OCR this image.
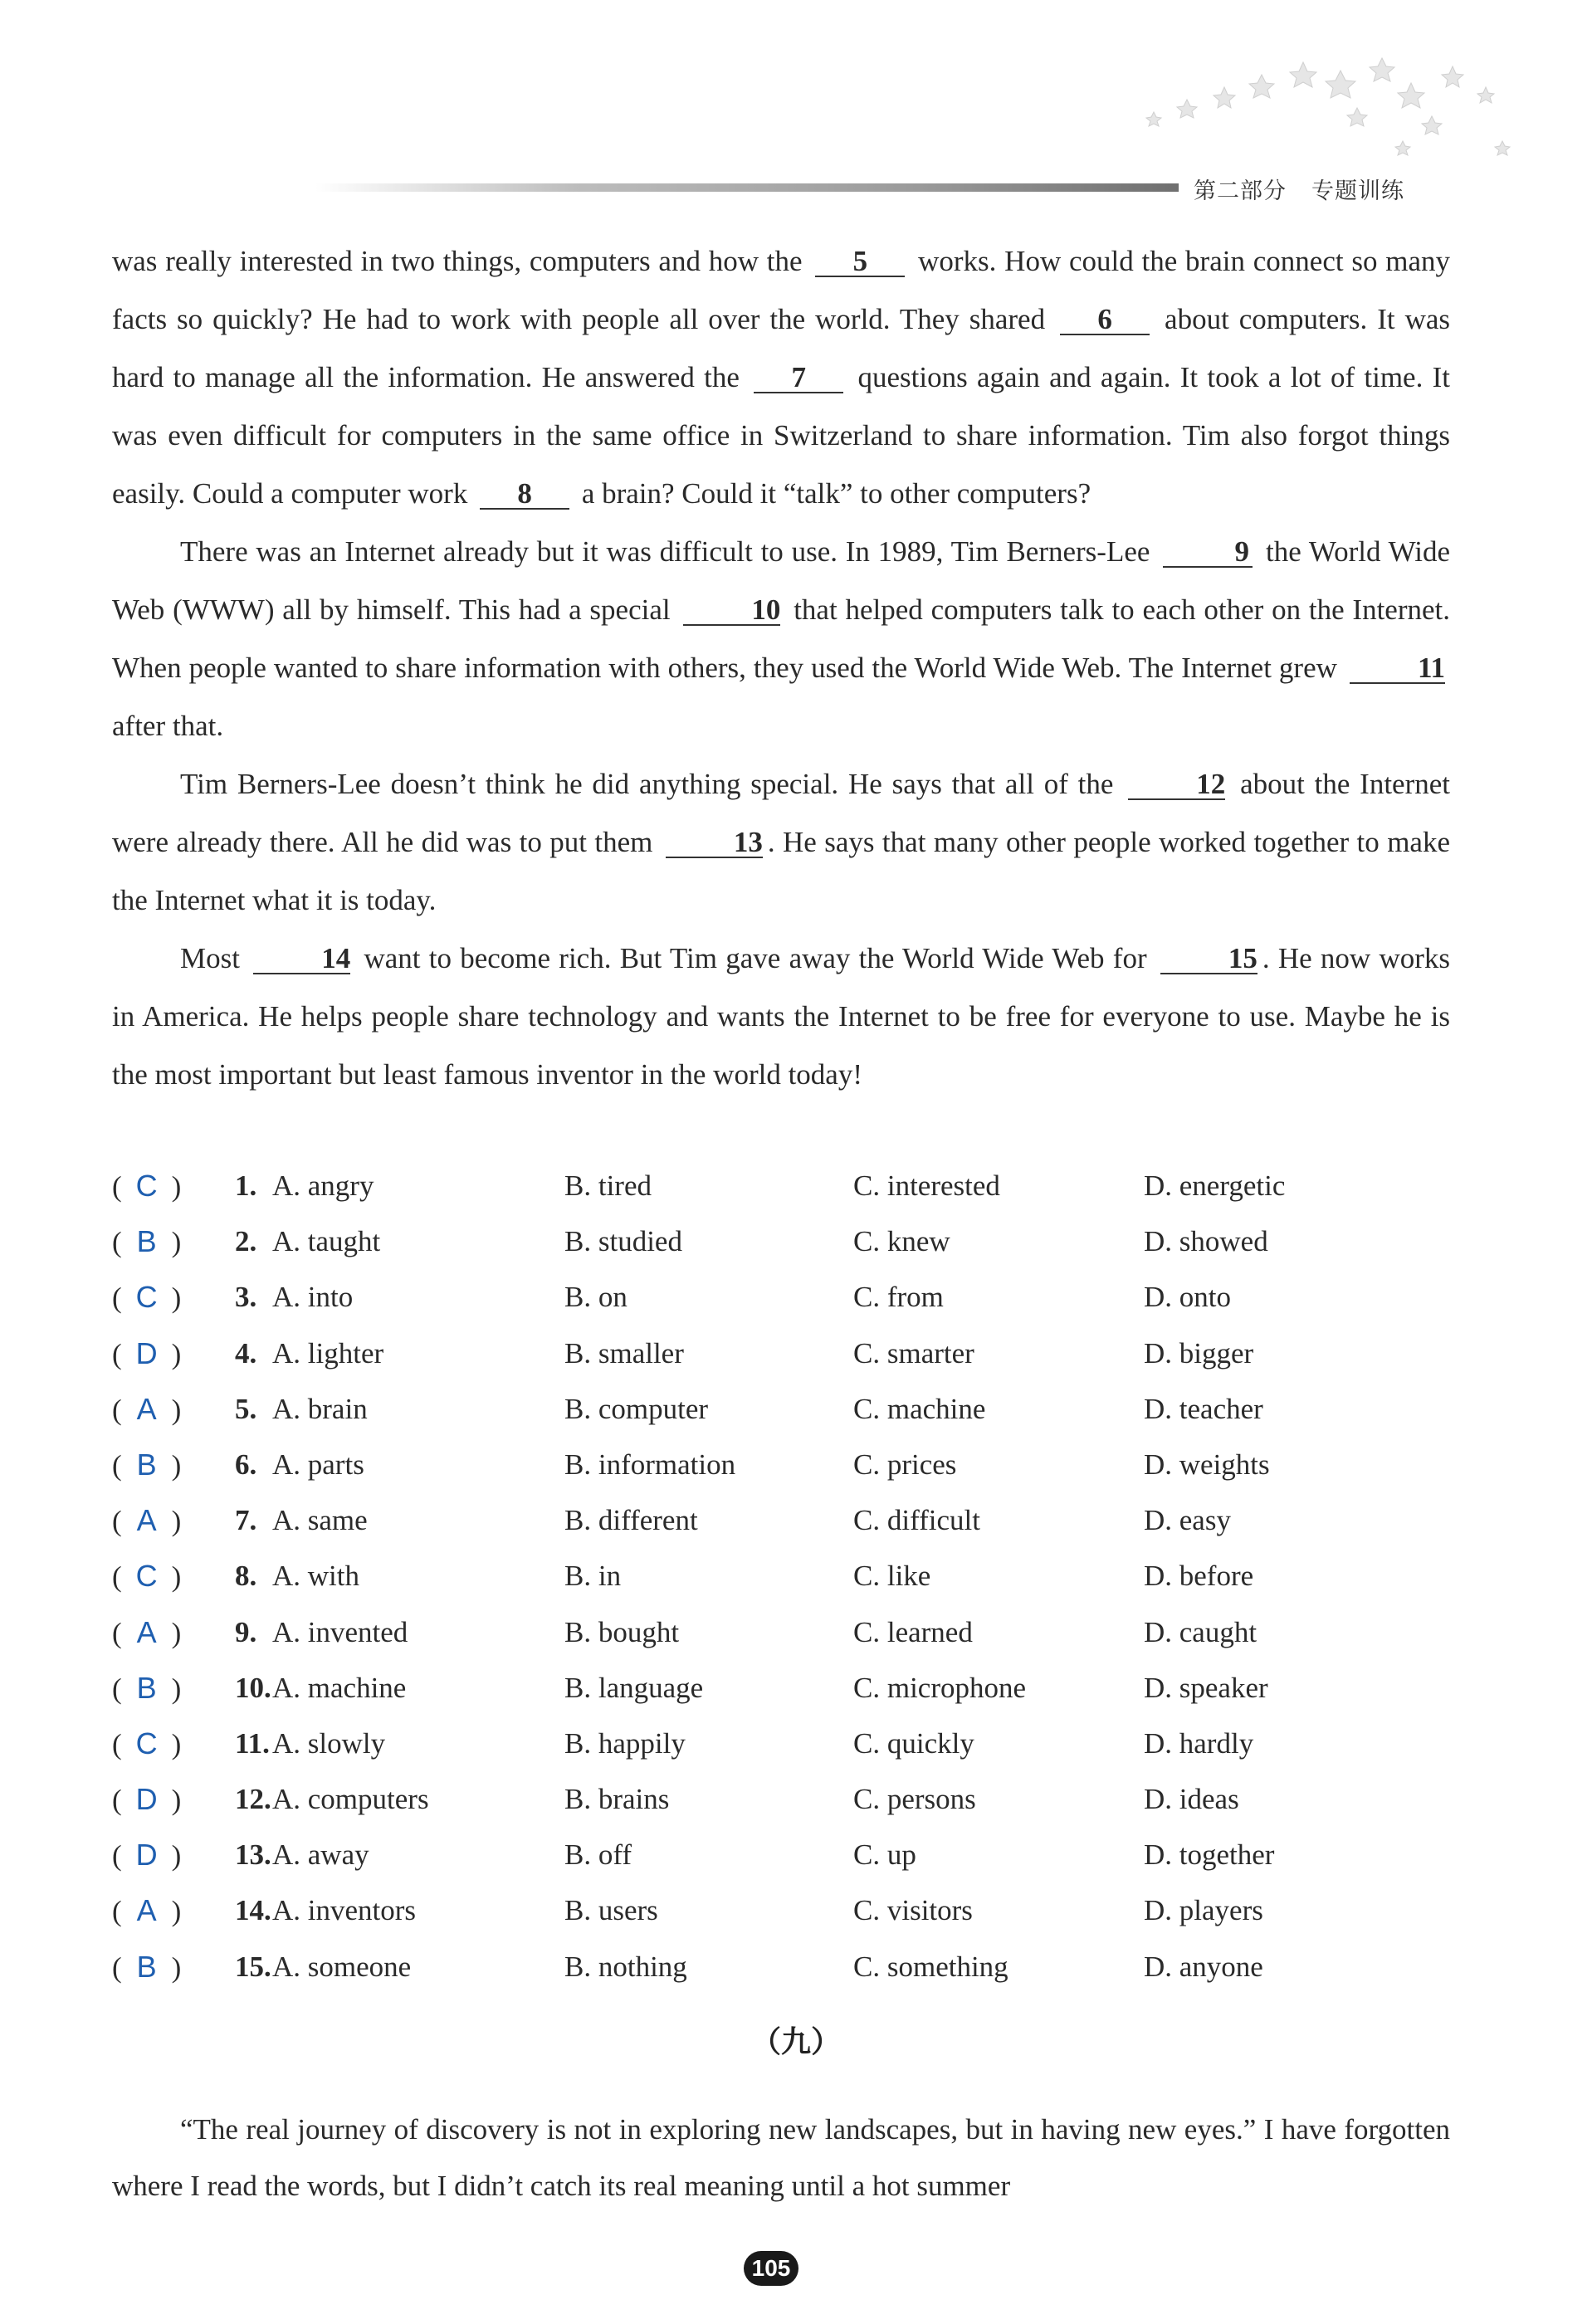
第二部分 专题训练

was really interested in two things, computers and how the 5 works. How could the brain connect so many facts so quickly? He had to work with people all over the world. They shared 6 about computers. It was hard to manage all the information. He answered the 7 questions again and again. It took a lot of time. It was even difficult for computers in the same office in Switzerland to share information. Tim also forgot things easily. Could a computer work 8 a brain? Could it “talk” to other computers?

There was an Internet already but it was difficult to use. In 1989, Tim Berners-Lee	9 the World Wide Web (WWW) all by himself. This had a special	10 that helped computers talk to each other on the Internet. When people wanted to share information with others, they used the World Wide Web. The Internet grew	11 after that.

Tim Berners-Lee doesn’t think he did anything special. He says that all of the	12 about the Internet were already there. All he did was to put them	13 . He says that many other people worked together to make the Internet what it is today.

Most	14 want to become rich. But Tim gave away the World Wide Web for	15 . He now works in America. He helps people share technology and wants the Internet to be free for everyone to use. Maybe he is the most important but least famous inventor in the world today!

( C ) 1. A. angry	B. tired	C. interested	D. energetic
( B ) 2. A. taught	B. studied	C. knew	D. showed
( C ) 3. A. into	B. on	C. from	D. onto
( D ) 4. A. lighter	B. smaller	C. smarter	D. bigger
( A ) 5. A. brain	B. computer	C. machine	D. teacher
( B ) 6. A. parts	B. information	C. prices	D. weights
( A ) 7. A. same	B. different	C. difficult	D. easy
( C ) 8. A. with	B. in	C. like	D. before
( A ) 9. A. invented	B. bought	C. learned	D. caught
( B ) 10. A. machine	B. language	C. microphone	D. speaker
( C ) 11. A. slowly	B. happily	C. quickly	D. hardly
( D ) 12. A. computers	B. brains	C. persons	D. ideas
( D ) 13. A. away	B. off	C. up	D. together
( A ) 14. A. inventors	B. users	C. visitors	D. players
( B ) 15. A. someone	B. nothing	C. something	D. anyone
（九）

“The real journey of discovery is not in exploring new landscapes, but in having new eyes.” I have forgotten where I read the words, but I didn’t catch its real meaning until a hot summer

105
